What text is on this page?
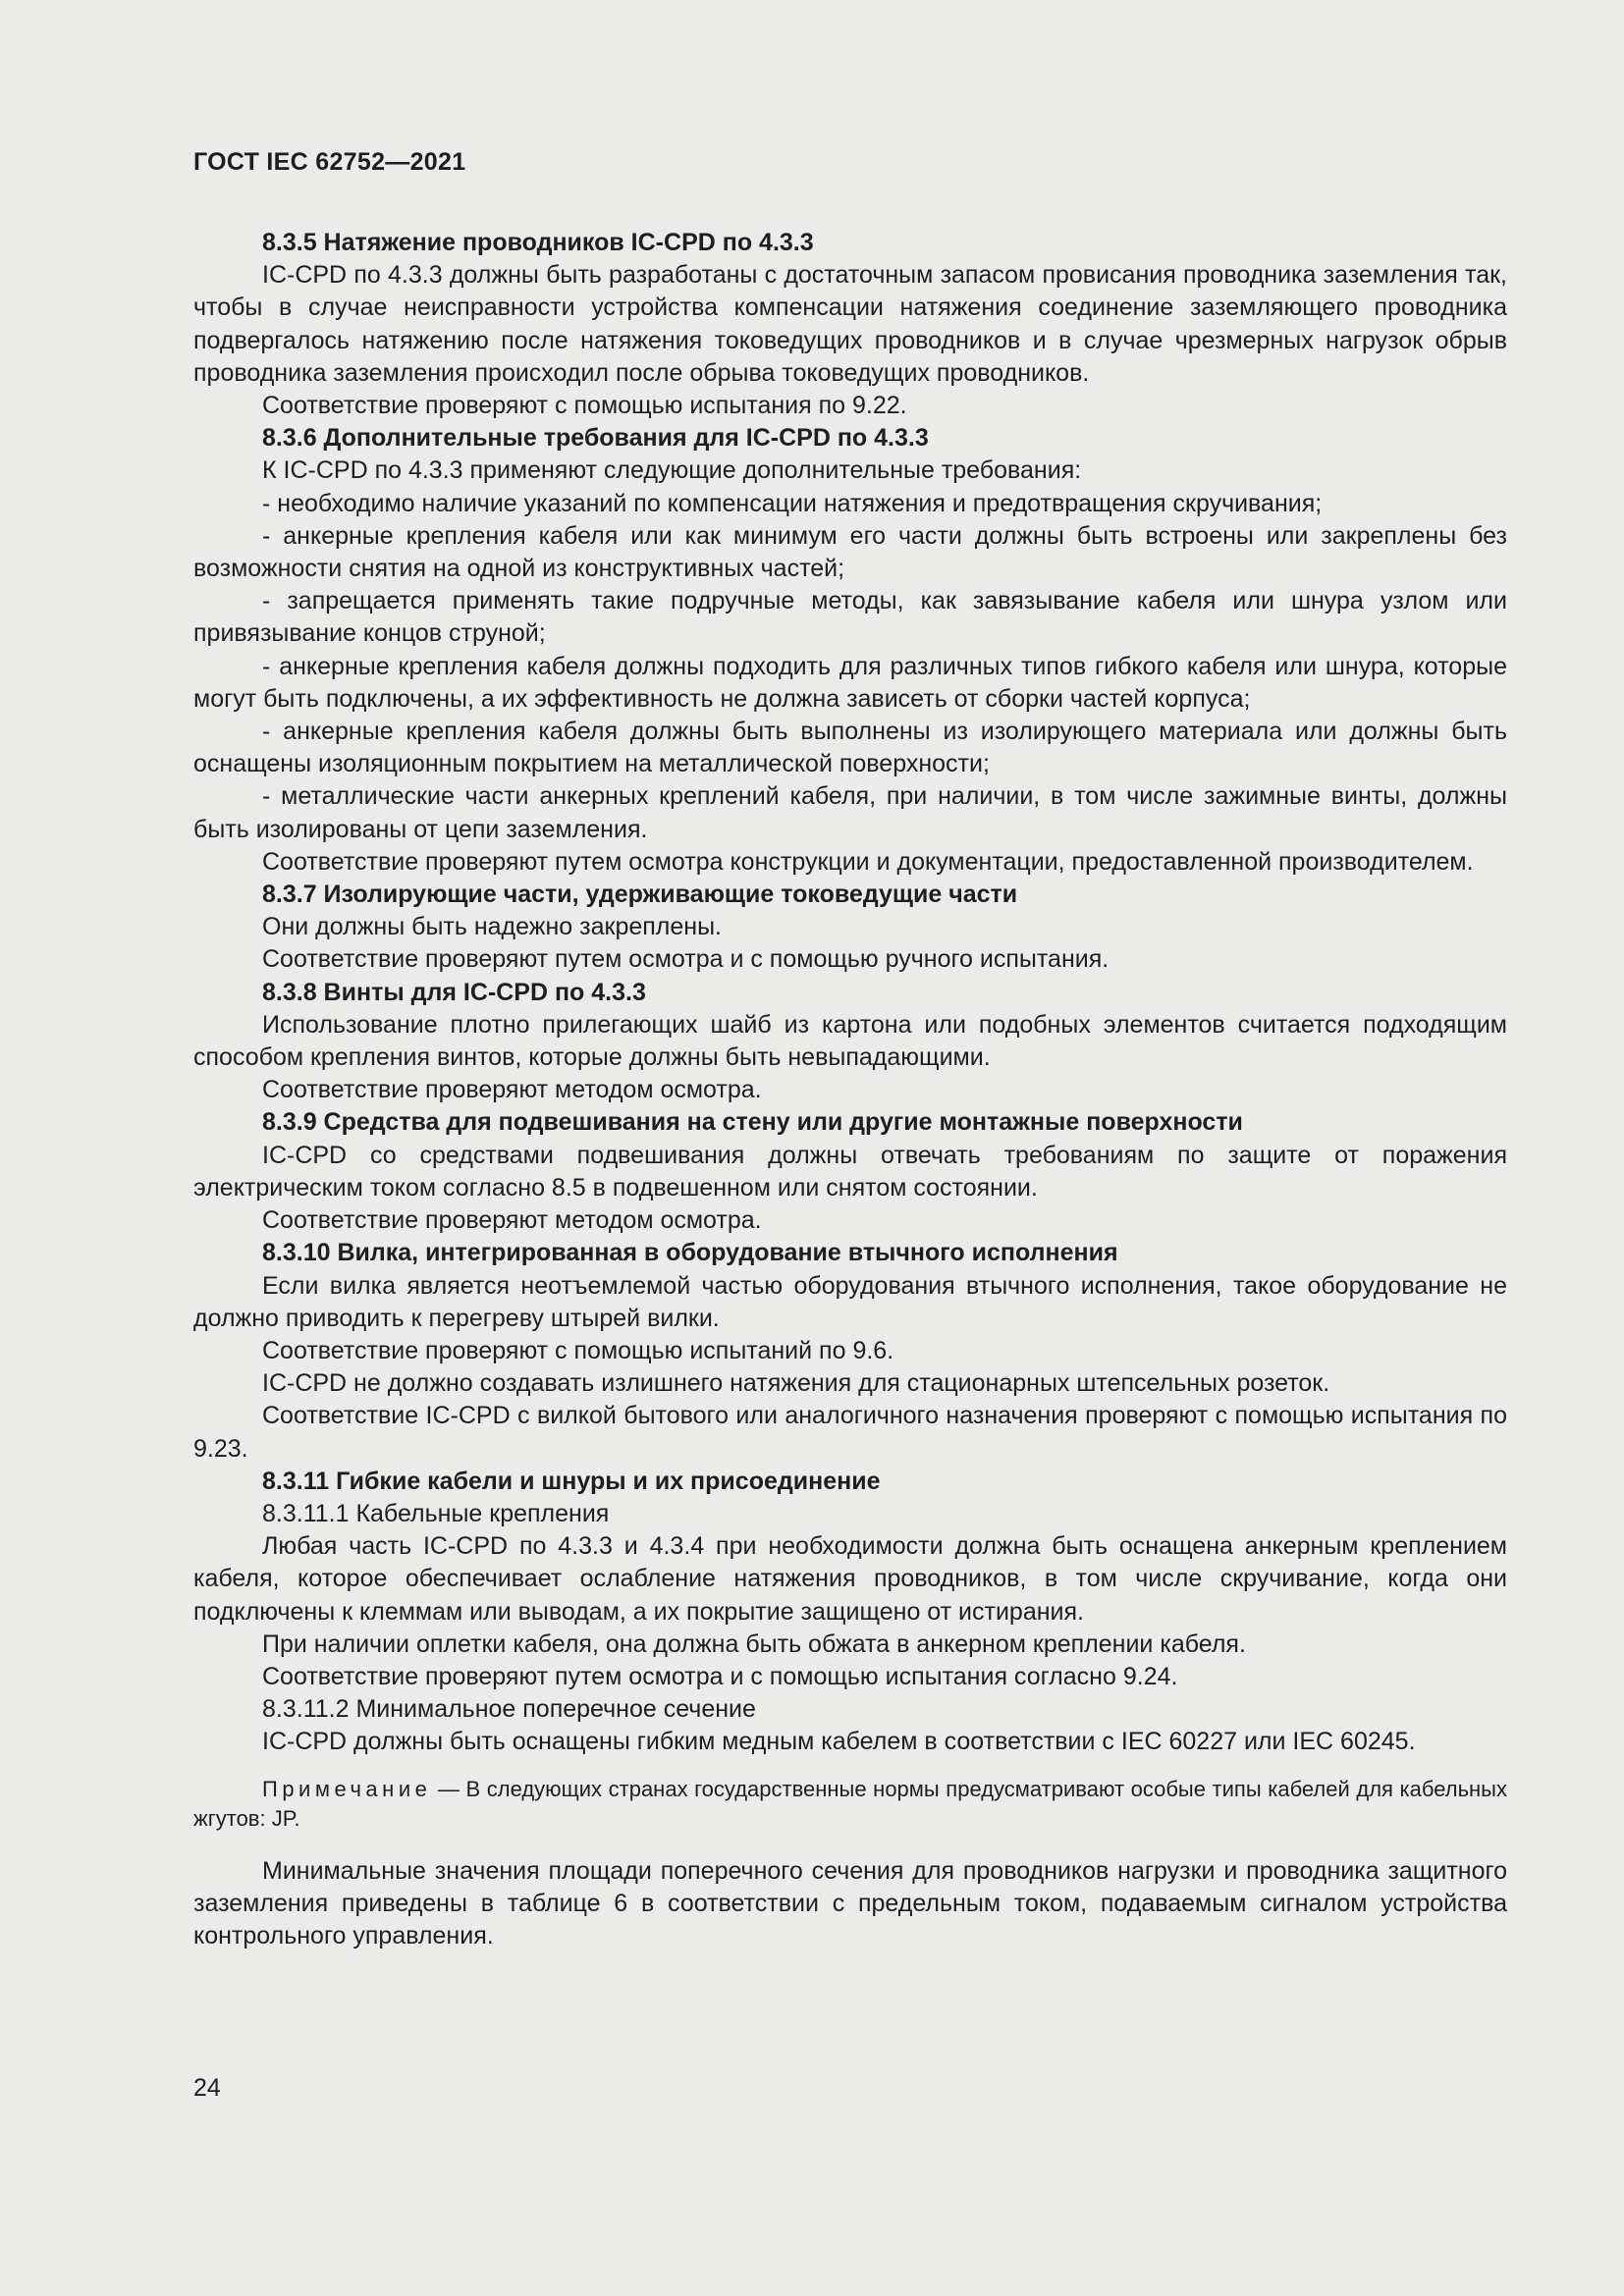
ГОСТ IEC 62752—2021

8.3.5 Натяжение проводников IC-CPD по 4.3.3

IC-CPD по 4.3.3 должны быть разработаны с достаточным запасом провисания проводника заземления так, чтобы в случае неисправности устройства компенсации натяжения соединение заземляющего проводника подвергалось натяжению после натяжения токоведущих проводников и в случае чрезмерных нагрузок обрыв проводника заземления происходил после обрыва токоведущих проводников.

Соответствие проверяют с помощью испытания по 9.22.

8.3.6 Дополнительные требования для IC-CPD по 4.3.3

К IC-CPD по 4.3.3 применяют следующие дополнительные требования:

- необходимо наличие указаний по компенсации натяжения и предотвращения скручивания;

- анкерные крепления кабеля или как минимум его части должны быть встроены или закреплены без возможности снятия на одной из конструктивных частей;

- запрещается применять такие подручные методы, как завязывание кабеля или шнура узлом или привязывание концов струной;

- анкерные крепления кабеля должны подходить для различных типов гибкого кабеля или шнура, которые могут быть подключены, а их эффективность не должна зависеть от сборки частей корпуса;

- анкерные крепления кабеля должны быть выполнены из изолирующего материала или должны быть оснащены изоляционным покрытием на металлической поверхности;

- металлические части анкерных креплений кабеля, при наличии, в том числе зажимные винты, должны быть изолированы от цепи заземления.

Соответствие проверяют путем осмотра конструкции и документации, предоставленной производителем.

8.3.7 Изолирующие части, удерживающие токоведущие части

Они должны быть надежно закреплены.

Соответствие проверяют путем осмотра и с помощью ручного испытания.

8.3.8 Винты для IC-CPD по 4.3.3

Использование плотно прилегающих шайб из картона или подобных элементов считается подходящим способом крепления винтов, которые должны быть невыпадающими.

Соответствие проверяют методом осмотра.

8.3.9 Средства для подвешивания на стену или другие монтажные поверхности

IC-CPD со средствами подвешивания должны отвечать требованиям по защите от поражения электрическим током согласно 8.5 в подвешенном или снятом состоянии.

Соответствие проверяют методом осмотра.

8.3.10 Вилка, интегрированная в оборудование втычного исполнения

Если вилка является неотъемлемой частью оборудования втычного исполнения, такое оборудование не должно приводить к перегреву штырей вилки.

Соответствие проверяют с помощью испытаний по 9.6.

IC-CPD не должно создавать излишнего натяжения для стационарных штепсельных розеток.

Соответствие IC-CPD с вилкой бытового или аналогичного назначения проверяют с помощью испытания по 9.23.

8.3.11 Гибкие кабели и шнуры и их присоединение

8.3.11.1 Кабельные крепления

Любая часть IC-CPD по 4.3.3 и 4.3.4 при необходимости должна быть оснащена анкерным креплением кабеля, которое обеспечивает ослабление натяжения проводников, в том числе скручивание, когда они подключены к клеммам или выводам, а их покрытие защищено от истирания.

При наличии оплетки кабеля, она должна быть обжата в анкерном креплении кабеля.

Соответствие проверяют путем осмотра и с помощью испытания согласно 9.24.

8.3.11.2 Минимальное поперечное сечение

IC-CPD должны быть оснащены гибким медным кабелем в соответствии с IEC 60227 или IEC 60245.

Примечание — В следующих странах государственные нормы предусматривают особые типы кабелей для кабельных жгутов: JP.

Минимальные значения площади поперечного сечения для проводников нагрузки и проводника защитного заземления приведены в таблице 6 в соответствии с предельным током, подаваемым сигналом устройства контрольного управления.

24
